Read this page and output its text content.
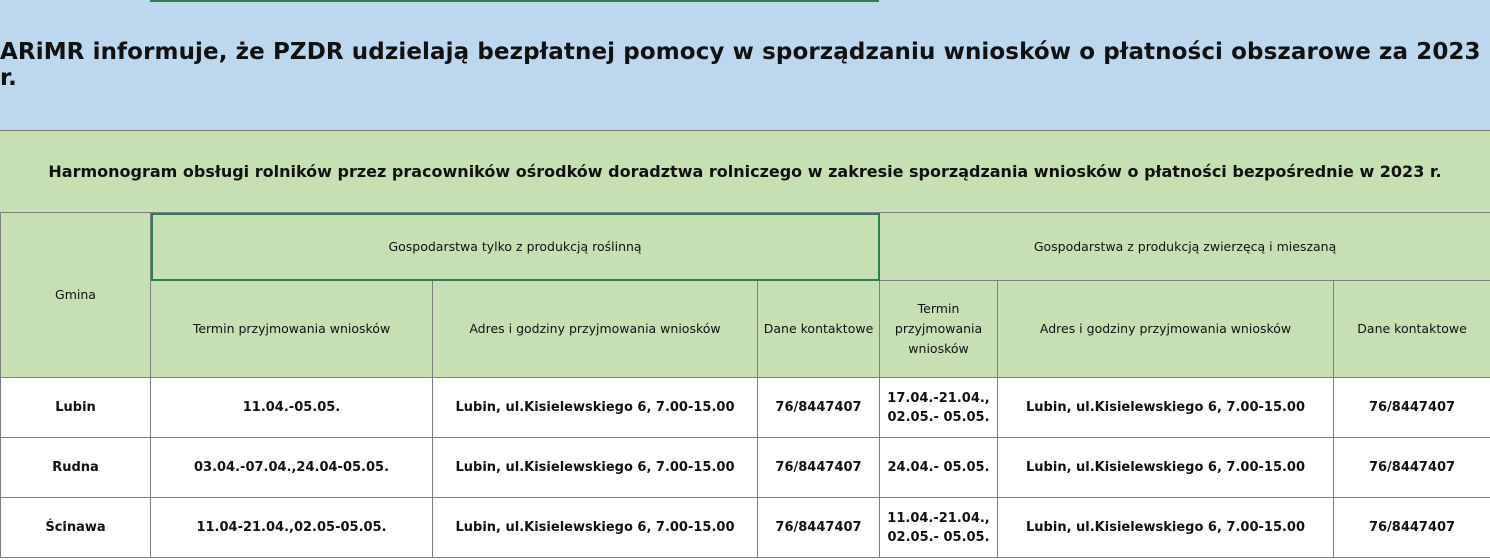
ARiMR informuje, że PZDR udzielają bezpłatnej pomocy w sporządzaniu wniosków o płatności obszarowe za 2023 r.
Harmonogram obsługi rolników przez pracowników ośrodków doradztwa rolniczego w zakresie sporządzania wniosków o płatności bezpośrednie w 2023 r.
Gmina	Gospodarstwa tylko z produkcją roślinną			Gospodarstwa z produkcją zwierzęcą i mieszaną		
	Termin przyjmowania wniosków	Adres i godziny przyjmowania wniosków	Dane kontaktowe	Termin
przyjmowania
wniosków	Adres i godziny przyjmowania wniosków	Dane kontaktowe
Lubin	11.04.-05.05.	Lubin, ul.Kisielewskiego 6, 7.00-15.00	76/8447407	17.04.-21.04.,
02.05.- 05.05.	Lubin, ul.Kisielewskiego 6, 7.00-15.00	76/8447407
Rudna	03.04.-07.04.,24.04-05.05.	Lubin, ul.Kisielewskiego 6, 7.00-15.00	76/8447407	24.04.- 05.05.	Lubin, ul.Kisielewskiego 6, 7.00-15.00	76/8447407
Ścinawa	11.04-21.04.,02.05-05.05.	Lubin, ul.Kisielewskiego 6, 7.00-15.00	76/8447407	11.04.-21.04.,
02.05.- 05.05.	Lubin, ul.Kisielewskiego 6, 7.00-15.00	76/8447407
